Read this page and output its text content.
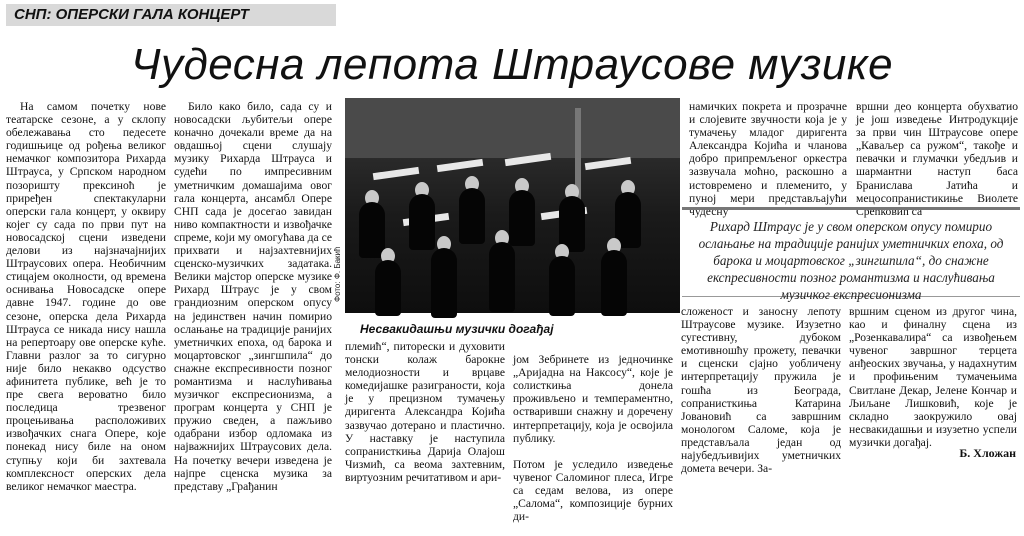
СНП: ОПЕРСКИ ГАЛА КОНЦЕРТ
Чудесна лепота Штраусове музике

На самом почетку нове театарске сезоне, а у склопу обележавања сто педесете годишњице од рођења великог немачког композитора Рихарда Штрауса, у Српском народном позоришту прексиноћ је приређен спектакуларни оперски гала концерт, у оквиру којег су сада по први пут на новосадској сцени изведени делови из најзначајнијих Штраусових опера. Необичним стицајем околности, од времена оснивања Новосадске опере давне 1947. године до ове сезоне, оперска дела Рихарда Штрауса се никада нису нашла на репертоару ове оперске куће. Главни разлог за то сигурно није било некакво одсуство афинитета публике, већ је то пре свега вероватно било последица трезвеног процењивања расположивих извођачких снага Опере, које понекад нису биле на оном ступњу који би захтевала комплексност оперских дела великог немачког маестра.

Било како било, сада су и новосадски љубитељи опере коначно дочекали време да на овдашњој сцени слушају музику Рихарда Штрауса и судећи по импресивним уметничким домашајима овог гала концерта, ансамбл Опере СНП сада је досегао завидан ниво компактности и извођачке спреме, који му омогућава да се прихвати и најзахтевнијих сценско-музичких задатака. Велики мајстор оперске музике Рихард Штраус је у свом грандиозним оперском опусу на јединствен начин помирио ослањање на традиције ранијих уметничких епоха, од барока и моцартовског „зингшпила“ до снажне експресивности позног романтизма и наслућивања музичког експресионизма, а програм концерта у СНП је пружио сведен, а пажљиво одабрани избор одломака из најважнијих Штраусових дела. На почетку вечери изведена је најпре сценска музика за представу „Грађанин

Фото: Ф. Бакић
Несвакидашњи музички догађај

намичких покрета и прозрачне и слојевите звучности која је у тумачењу младог диригента Александра Којића и чланова добро припремљеног оркестра зазвучала мoћно, раскошно а истовремено и племенито, у пуној мери представљајући чудесну

вршни део концерта обухватио је још изведење Интродукције за први чин Штраусове опере „Кавaљер са ружом“, такође и певачки и глумачки убедљив и шармантни наступ баса Бранислава Јатића и мецосопранистикиње Виолете Срећковић са

Рихард Штраус је у свом оперском опусу помирио ослањање на традиције ранијих уметничких епоха, од барока и моцартовског „зингшпила“, до снажне експресивности позног романтизма и наслућивања музичког експресионизма

племић“, питорески и духовити тонски колаж барокне мелодиозности и врцаве комедијашке разиграности, која је у прецизном тумачењу диригента Александра Којића зазвучао дотерано и пластично. У наставку је наступила сопранисткиња Дарија Олајош Чизмић, са веома захтевним, виртуозним речитативом и ари-

јом Зебринете из једночинке „Аријадна на Наксосу“, које је солисткиња донела проживљено и темпераментно, остваривши снажну и доречену интерпретацију, која је освојила публику.

Потом је уследило изведење чувеног Саломиног плеса, Игре са седам велова, из опере „Саломa“, композиције бурних ди-

сложеност и заносну лепоту Штраусове музике. Изузетно сугестивну, дубоком емотивношћу прожету, певачки и сценски сјајно уобличену интерпретацију пружила је гошћа из Београда, сопранисткиња Катарина Јовановић са завршним монологом Саломе, која је представљала један од најубедљивијих уметничких домета вечери. За-

вршним сценом из другог чина, као и финалну сцена из „Розенкавалира“ са извођењем чувеног завршног терцета анђеоских звучања, у надахнутим и профињеним тумачењима Свитлане Декар, Јелене Кончар и Љиљане Лишковић, које је складно заокружило овај несвакидашњи и изузетно успели музички догађај.

Б. Хложан
